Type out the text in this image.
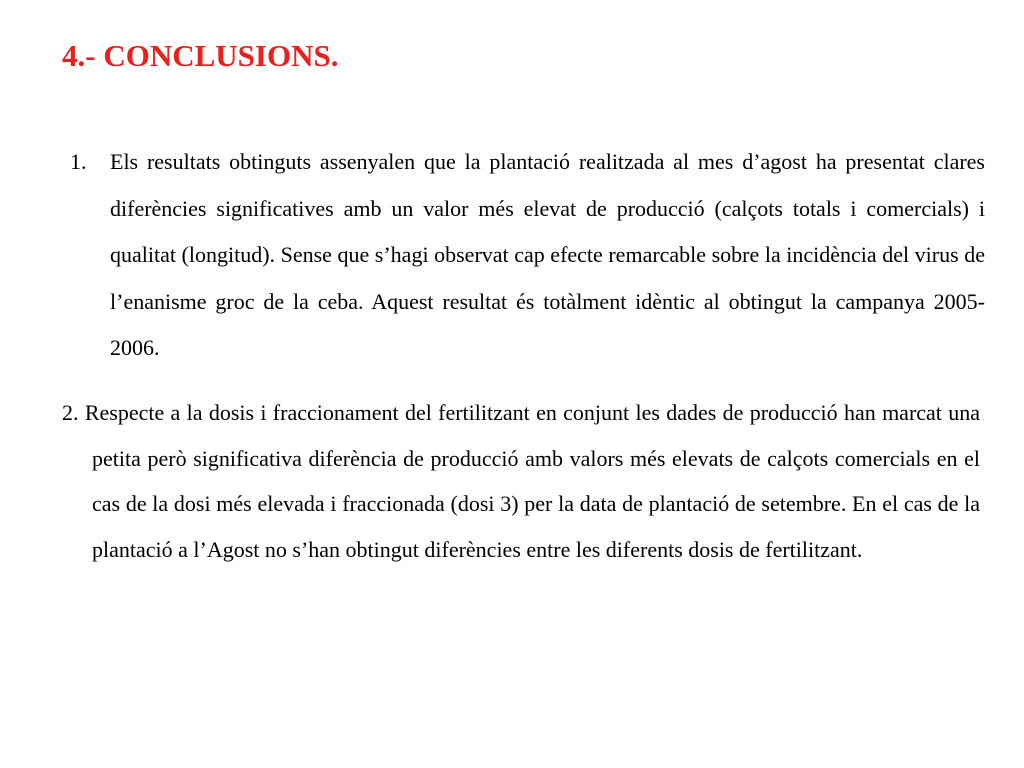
4.- CONCLUSIONS.

1. Els resultats obtinguts assenyalen que la plantació realitzada al mes d’agost ha presentat clares diferències significatives amb un valor més elevat de producció (calçots totals i comercials) i qualitat (longitud). Sense que s’hagi observat cap efecte remarcable sobre la incidència del virus de l’enanisme groc de la ceba. Aquest resultat és totàlment idèntic al obtingut la campanya 2005-2006.

2. Respecte a la dosis i fraccionament del fertilitzant en conjunt les dades de producció han marcat una petita però significativa diferència de producció amb valors més elevats de calçots comercials en el cas de la dosi més elevada i fraccionada (dosi 3) per la data de plantació de setembre. En el cas de la plantació a l’Agost no s’han obtingut diferències entre les diferents dosis de fertilitzant.
